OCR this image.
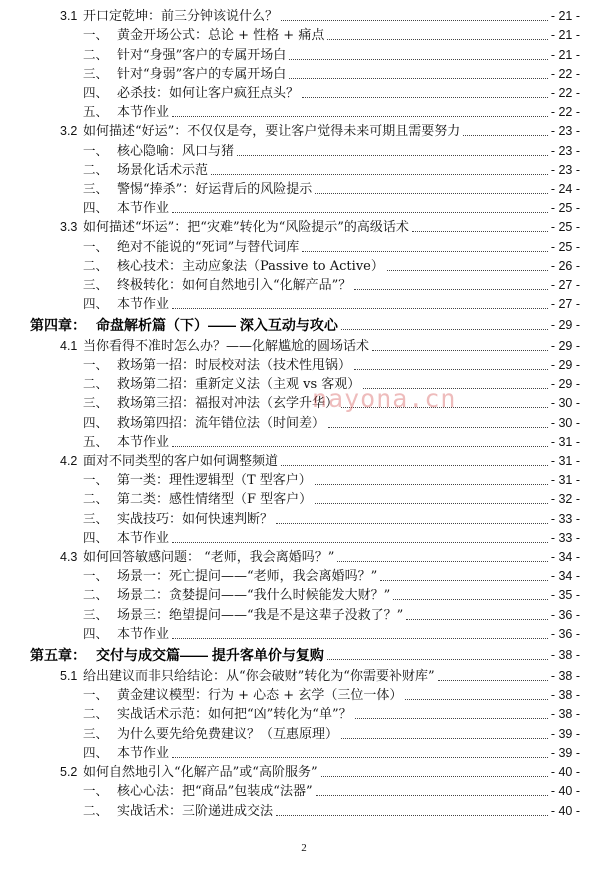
3.1 开口定乾坤：前三分钟该说什么？	- 21 -
一、 黄金开场公式：总论 + 性格 + 痛点	- 21 -
二、 针对“身强”客户的专属开场白	- 21 -
三、 针对“身弱”客户的专属开场白	- 22 -
四、 必杀技：如何让客户疯狂点头？	- 22 -
五、 本节作业	- 22 -
3.2 如何描述“好运”：不仅仅是夸，要让客户觉得未来可期且需要努力	- 23 -
一、 核心隐喻：风口与猪	- 23 -
二、 场景化话术示范	- 23 -
三、 警惕“捧杀”：好运背后的风险提示	- 24 -
四、 本节作业	- 25 -
3.3 如何描述“坏运”：把“灾难”转化为“风险提示”的高级话术	- 25 -
一、 绝对不能说的“死词”与替代词库	- 25 -
二、 核心技术：主动应象法（Passive to Active）	- 26 -
三、 终极转化：如何自然地引入“化解产品”？	- 27 -
四、 本节作业	- 27 -
第四章： 命盘解析篇（下）—— 深入互动与攻心	- 29 -
4.1 当你看得不准时怎么办？——化解尴尬的圆场话术	- 29 -
一、 救场第一招：时辰校对法（技术性甩锅）	- 29 -
二、 救场第二招：重新定义法（主观 vs 客观）	- 29 -
三、 救场第三招：福报对冲法（玄学升华）	- 30 -
四、 救场第四招：流年错位法（时间差）	- 30 -
五、 本节作业	- 31 -
4.2 面对不同类型的客户如何调整频道	- 31 -
一、 第一类：理性逻辑型（T 型客户）	- 31 -
二、 第二类：感性情绪型（F 型客户）	- 32 -
三、 实战技巧：如何快速判断？	- 33 -
四、 本节作业	- 33 -
4.3 如何回答敏感问题： “老师，我会离婚吗？”	- 34 -
一、 场景一：死亡提问——“老师，我会离婚吗？”	- 34 -
二、 场景二：贪婪提问——“我什么时候能发大财？”	- 35 -
三、 场景三：绝望提问——“我是不是这辈子没救了？”	- 36 -
四、 本节作业	- 36 -
第五章： 交付与成交篇—— 提升客单价与复购	- 38 -
5.1 给出建议而非只给结论：从“你会破财”转化为“你需要补财库”	- 38 -
一、 黄金建议模型：行为 + 心态 + 玄学（三位一体）	- 38 -
二、 实战话术示范：如何把“凶”转化为“单”？	- 38 -
三、 为什么要先给免费建议？（互惠原理）	- 39 -
四、 本节作业	- 39 -
5.2 如何自然地引入“化解产品”或“高阶服务”	- 40 -
一、 核心心法：把“商品”包装成“法器”	- 40 -
二、 实战话术：三阶递进成交法	- 40 -
nayona.cn
2
